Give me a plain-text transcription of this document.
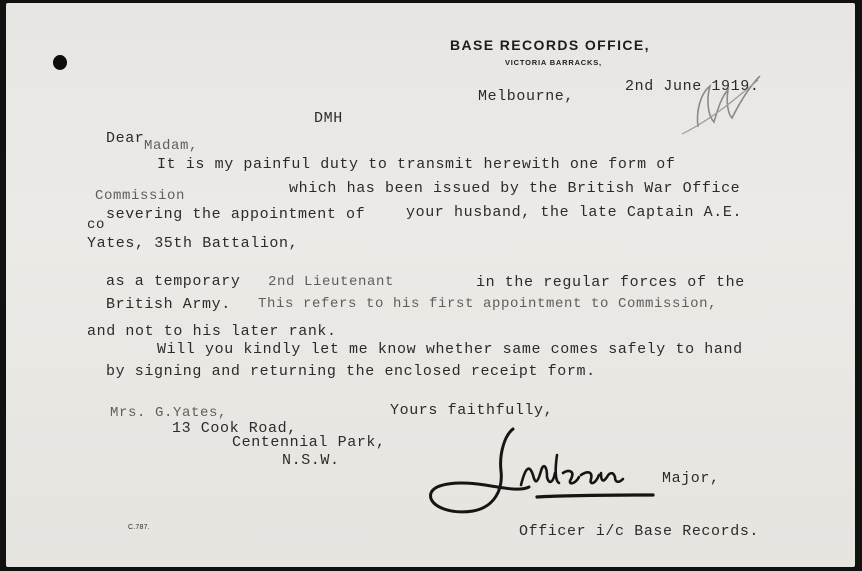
BASE RECORDS OFFICE,
VICTORIA BARRACKS,
Melbourne,
2nd June 1919.
DMH
Dear Madam,
It is my painful duty to transmit herewith one form of
Commission	which has been issued by the British War Office
co
severing the appointment of	your husband, the late Captain A.E.
Yates, 35th Battalion,
as a temporary 2nd Lieutenant	in the regular forces of the
British Army. This refers to his first appointment to Commission,
and not to his later rank.
Will you kindly let me know whether same comes safely to hand
by signing and returning the enclosed receipt form.
Mrs. G.Yates,
13 Cook Road,
Centennial Park,
N.S.W.
Yours faithfully,
Major,
Officer i/c Base Records.
C.787.
